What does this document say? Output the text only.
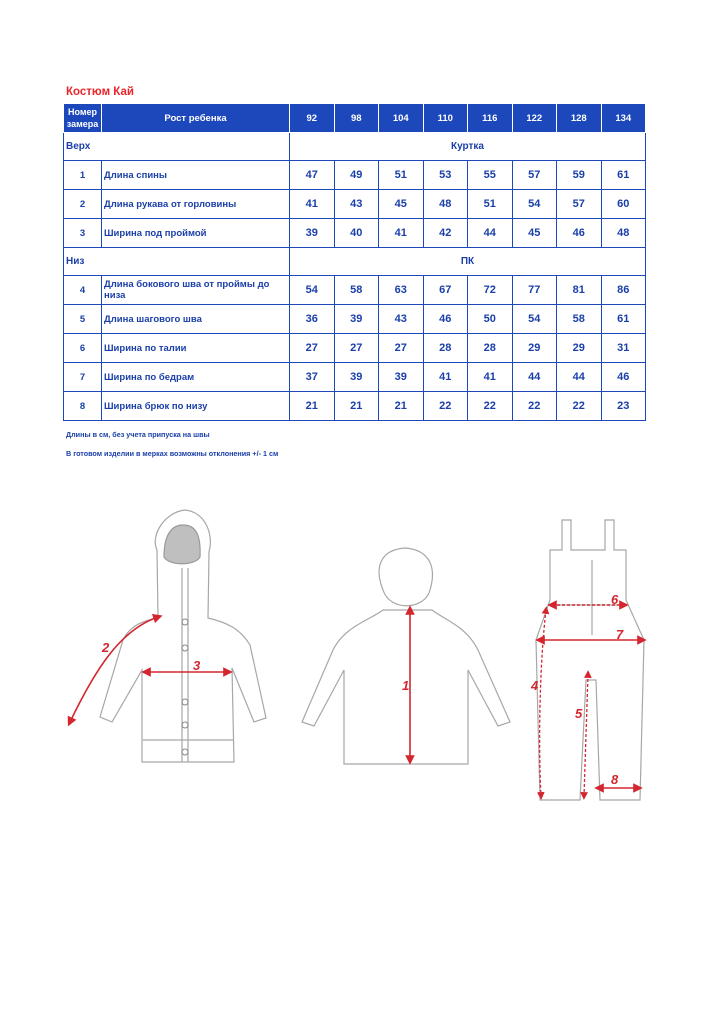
Костюм Кай
Номер замера	Рост ребенка	92	98	104	110	116	122	128	134
Верх		Куртка							
1	Длина спины	47	49	51	53	55	57	59	61
2	Длина рукава от горловины	41	43	45	48	51	54	57	60
3	Ширина под проймой	39	40	41	42	44	45	46	48
Низ		ПК							
4	Длина бокового шва от проймы до низа	54	58	63	67	72	77	81	86
5	Длина шагового шва	36	39	43	46	50	54	58	61
6	Ширина по талии	27	27	27	28	28	29	29	31
7	Ширина по бедрам	37	39	39	41	41	44	44	46
8	Ширина брюк по низу	21	21	21	22	22	22	22	23
Длины в см, без учета припуска на швы
В готовом изделии в мерках возможны отклонения +/- 1 см
2
3
1
6
7
4
5
8
